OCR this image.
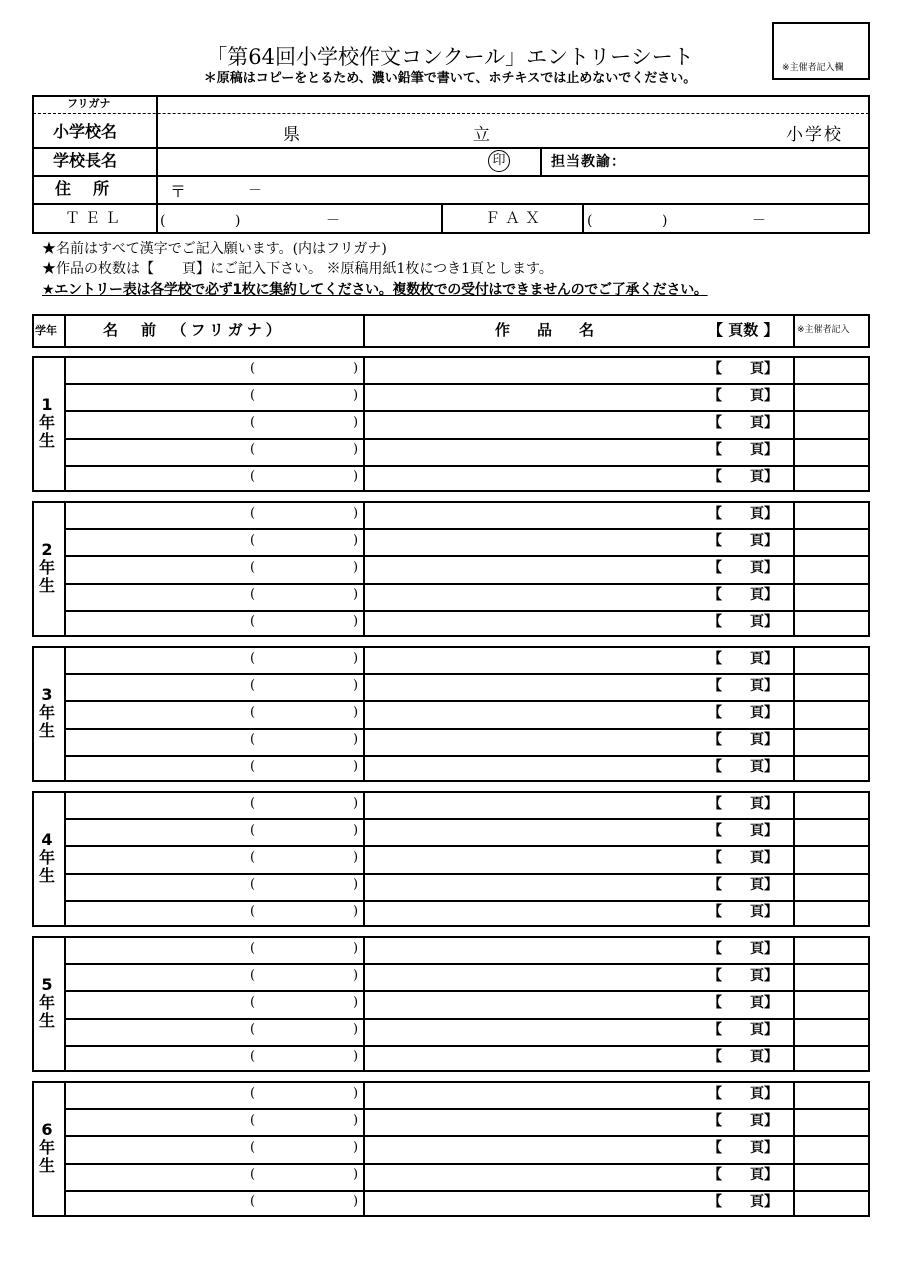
「第64回小学校作文コンクール」エントリーシート
＊原稿はコピーをとるため、濃い鉛筆で書いて、ホチキスでは止めないでください。
※主催者記入欄
フリガナ
小学校名	県	立	小学校
学校長名	印	担当教諭：
住　所	〒	－
ＴＥＬ (	)	－	ＦＡＸ	(	)	－
★名前はすべて漢字でご記入願います。(内はフリガナ)
★作品の枚数は【　　頁】にご記入下さい。 ※原稿用紙1枚につき1頁とします。
★エントリー表は各学校で必ず1枚に集約してください。複数枚での受付はできませんのでご了承ください。
学年	名　前　（フリガナ）	作　品　名	【 頁数 】 ※主催者記入
1
年
生
(	)	【　　頁】
(	)	【　　頁】
(	)	【　　頁】
(	)	【　　頁】
(	)	【　　頁】
2
年
生
(	)	【　　頁】
(	)	【　　頁】
(	)	【　　頁】
(	)	【　　頁】
(	)	【　　頁】
3
年
生
(	)	【　　頁】
(	)	【　　頁】
(	)	【　　頁】
(	)	【　　頁】
(	)	【　　頁】
4
年
生
(	)	【　　頁】
(	)	【　　頁】
(	)	【　　頁】
(	)	【　　頁】
(	)	【　　頁】
5
年
生
(	)	【　　頁】
(	)	【　　頁】
(	)	【　　頁】
(	)	【　　頁】
(	)	【　　頁】
6
年
生
(	)	【　　頁】
(	)	【　　頁】
(	)	【　　頁】
(	)	【　　頁】
(	)	【　　頁】
